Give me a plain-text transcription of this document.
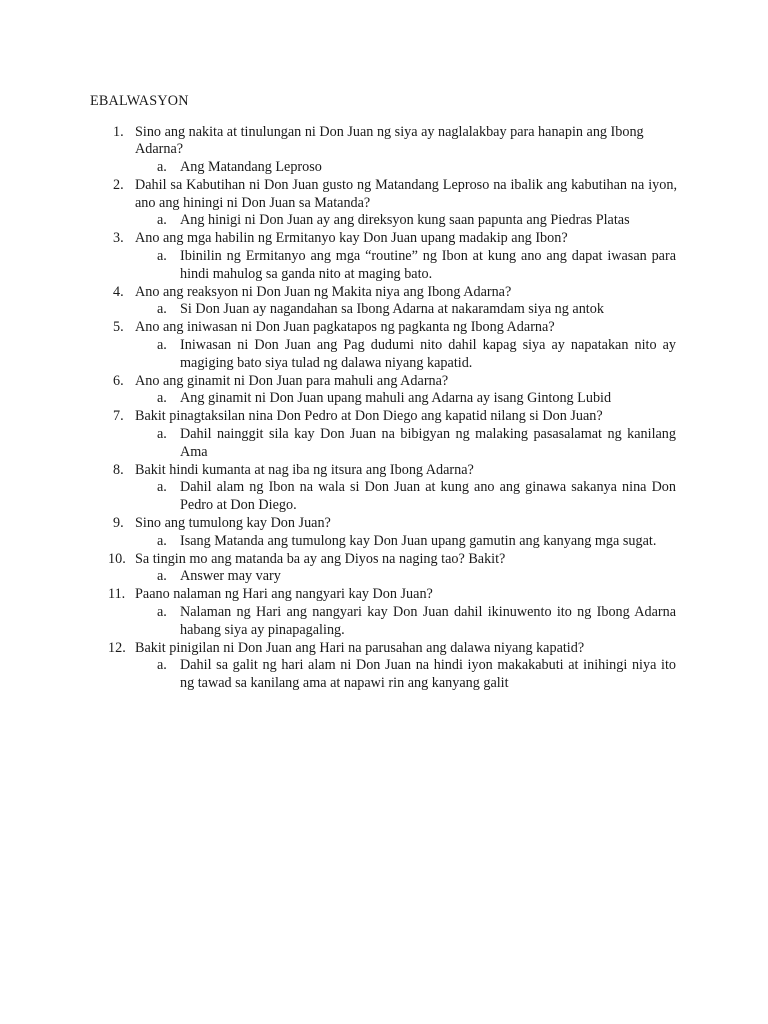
EBALWASYON
1. Sino ang nakita at tinulungan ni Don Juan ng siya ay naglalakbay para hanapin ang Ibong Adarna?
a. Ang Matandang Leproso
2. Dahil sa Kabutihan ni Don Juan gusto ng Matandang Leproso na ibalik ang kabutihan na iyon, ano ang hiningi ni Don Juan sa Matanda?
a. Ang hinigi ni Don Juan ay ang direksyon kung saan papunta ang Piedras Platas
3. Ano ang mga habilin ng Ermitanyo kay Don Juan upang madakip ang Ibon?
a. Ibinilin ng Ermitanyo ang mga “routine” ng Ibon at kung ano ang dapat iwasan para hindi mahulog sa ganda nito at maging bato.
4. Ano ang reaksyon ni Don Juan ng Makita niya ang Ibong Adarna?
a. Si Don Juan ay nagandahan sa Ibong Adarna at nakaramdam siya ng antok
5. Ano ang iniwasan ni Don Juan pagkatapos ng pagkanta ng Ibong Adarna?
a. Iniwasan ni Don Juan ang Pag dudumi nito dahil kapag siya ay napatakan nito ay magiging bato siya tulad ng dalawa niyang kapatid.
6. Ano ang ginamit ni Don Juan para mahuli ang Adarna?
a. Ang ginamit ni Don Juan upang mahuli ang Adarna ay isang Gintong Lubid
7. Bakit pinagtaksilan nina Don Pedro at Don Diego ang kapatid nilang si Don Juan?
a. Dahil nainggit sila kay Don Juan na bibigyan ng malaking pasasalamat ng kanilang Ama
8. Bakit hindi kumanta at nag iba ng itsura ang Ibong Adarna?
a. Dahil alam ng Ibon na wala si Don Juan at kung ano ang ginawa sakanya nina Don Pedro at Don Diego.
9. Sino ang tumulong kay Don Juan?
a. Isang Matanda ang tumulong kay Don Juan upang gamutin ang kanyang mga sugat.
10. Sa tingin mo ang matanda ba ay ang Diyos na naging tao? Bakit?
a. Answer may vary
11. Paano nalaman ng Hari ang nangyari kay Don Juan?
a. Nalaman ng Hari ang nangyari kay Don Juan dahil ikinuwento ito ng Ibong Adarna habang siya ay pinapagaling.
12. Bakit pinigilan ni Don Juan ang Hari na parusahan ang dalawa niyang kapatid?
a. Dahil sa galit ng hari alam ni Don Juan na hindi iyon makakabuti at inihingi niya ito ng tawad sa kanilang ama at napawi rin ang kanyang galit
